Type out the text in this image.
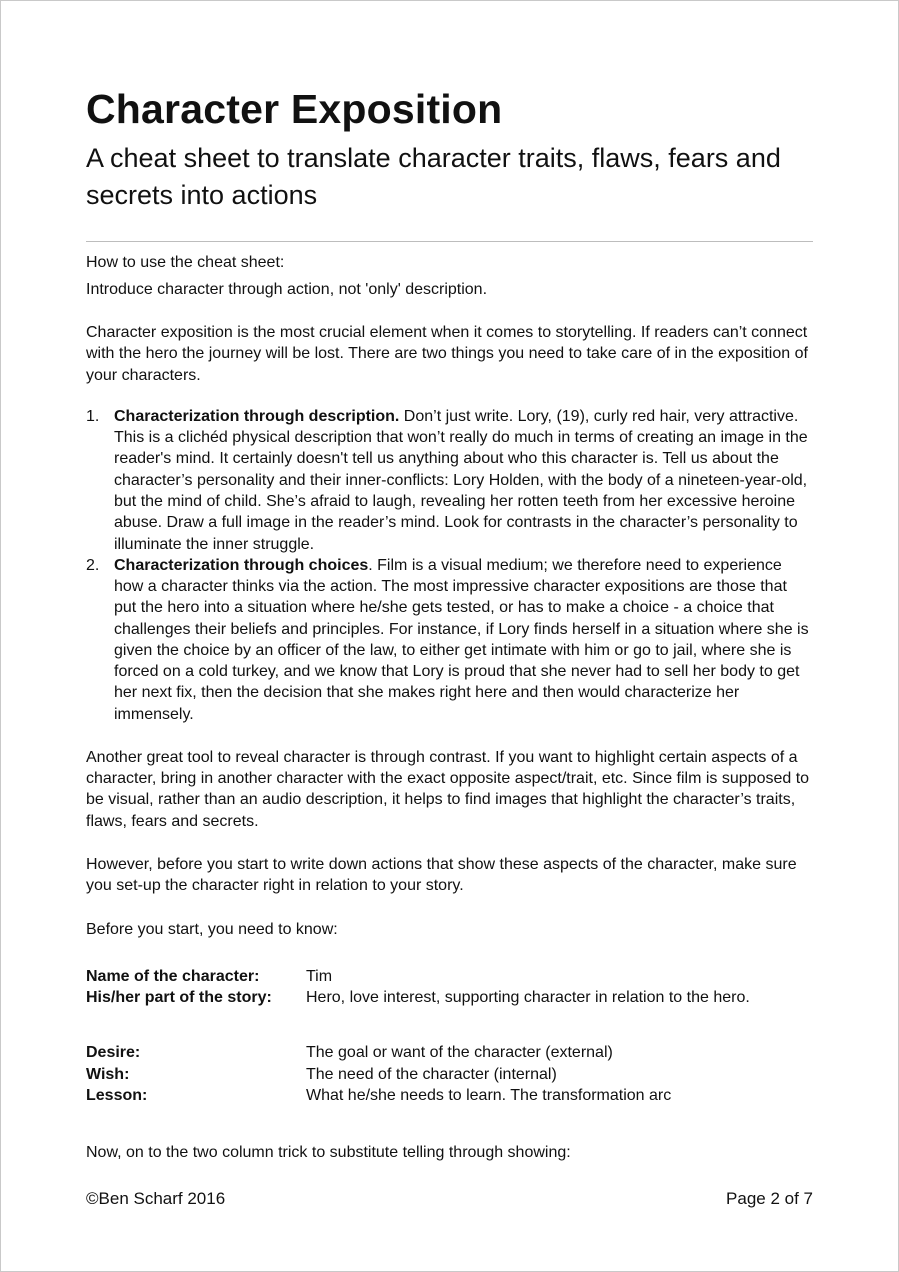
Character Exposition
A cheat sheet to translate character traits, flaws, fears and secrets into actions

How to use the cheat sheet:

Introduce character through action, not 'only' description.

Character exposition is the most crucial element when it comes to storytelling. If readers can’t connect with the hero the journey will be lost. There are two things you need to take care of in the exposition of your characters.

1. Characterization through description. Don’t just write. Lory, (19), curly red hair, very attractive. This is a clichéd physical description that won’t really do much in terms of creating an image in the reader's mind. It certainly doesn't tell us anything about who this character is. Tell us about the character’s personality and their inner-conflicts: Lory Holden, with the body of a nineteen-year-old, but the mind of child. She’s afraid to laugh, revealing her rotten teeth from her excessive heroine abuse. Draw a full image in the reader’s mind. Look for contrasts in the character’s personality to illuminate the inner struggle.

2. Characterization through choices. Film is a visual medium; we therefore need to experience how a character thinks via the action. The most impressive character expositions are those that put the hero into a situation where he/she gets tested, or has to make a choice - a choice that challenges their beliefs and principles. For instance, if Lory finds herself in a situation where she is given the choice by an officer of the law, to either get intimate with him or go to jail, where she is forced on a cold turkey, and we know that Lory is proud that she never had to sell her body to get her next fix, then the decision that she makes right here and then would characterize her immensely.

Another great tool to reveal character is through contrast. If you want to highlight certain aspects of a character, bring in another character with the exact opposite aspect/trait, etc. Since film is supposed to be visual, rather than an audio description, it helps to find images that highlight the character’s traits, flaws, fears and secrets.

However, before you start to write down actions that show these aspects of the character, make sure you set-up the character right in relation to your story.

Before you start, you need to know:

Name of the character:	Tim
His/her part of the story:	Hero, love interest, supporting character in relation to the hero.
Desire:	The goal or want of the character (external)
Wish:	The need of the character (internal)
Lesson:	What he/she needs to learn. The transformation arc

Now, on to the two column trick to substitute telling through showing:

©Ben Scharf 2016	Page 2 of 7
